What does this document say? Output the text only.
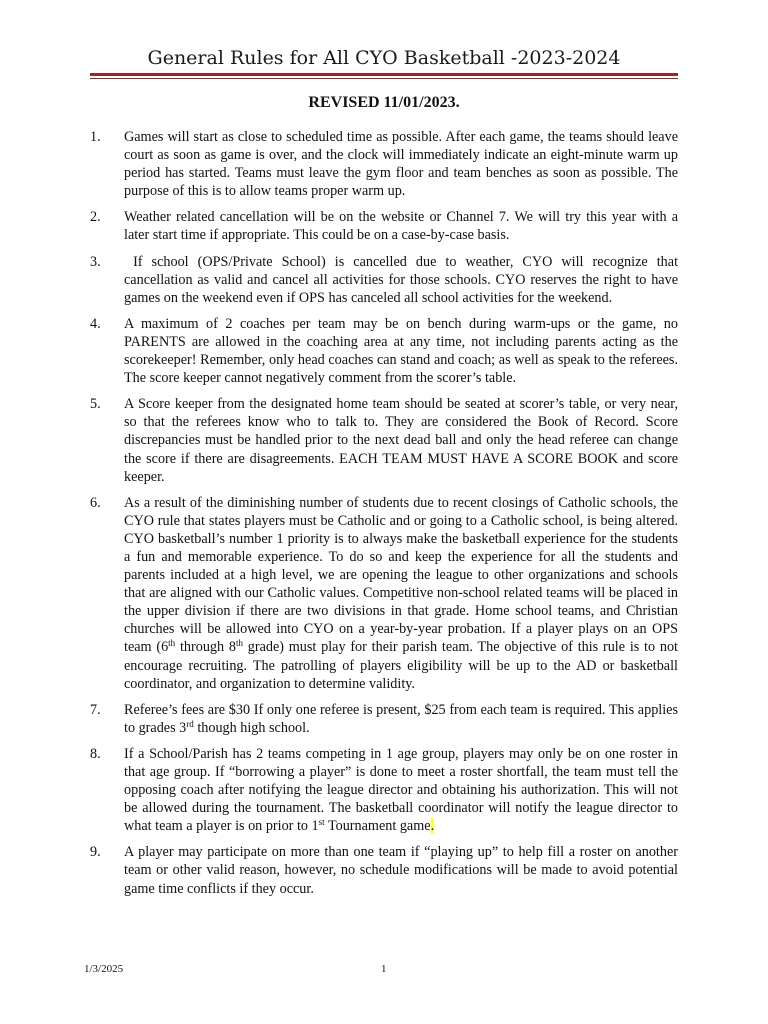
General Rules for All CYO Basketball -2023-2024
REVISED 11/01/2023.
1. Games will start as close to scheduled time as possible. After each game, the teams should leave court as soon as game is over, and the clock will immediately indicate an eight-minute warm up period has started. Teams must leave the gym floor and team benches as soon as possible. The purpose of this is to allow teams proper warm up.
2. Weather related cancellation will be on the website or Channel 7. We will try this year with a later start time if appropriate. This could be on a case-by-case basis.
3. If school (OPS/Private School) is cancelled due to weather, CYO will recognize that cancellation as valid and cancel all activities for those schools. CYO reserves the right to have games on the weekend even if OPS has canceled all school activities for the weekend.
4. A maximum of 2 coaches per team may be on bench during warm-ups or the game, no PARENTS are allowed in the coaching area at any time, not including parents acting as the scorekeeper! Remember, only head coaches can stand and coach; as well as speak to the referees. The score keeper cannot negatively comment from the scorer’s table.
5. A Score keeper from the designated home team should be seated at scorer’s table, or very near, so that the referees know who to talk to. They are considered the Book of Record. Score discrepancies must be handled prior to the next dead ball and only the head referee can change the score if there are disagreements. EACH TEAM MUST HAVE A SCORE BOOK and score keeper.
6. As a result of the diminishing number of students due to recent closings of Catholic schools, the CYO rule that states players must be Catholic and or going to a Catholic school, is being altered. CYO basketball’s number 1 priority is to always make the basketball experience for the students a fun and memorable experience. To do so and keep the experience for all the students and parents included at a high level, we are opening the league to other organizations and schools that are aligned with our Catholic values. Competitive non-school related teams will be placed in the upper division if there are two divisions in that grade. Home school teams, and Christian churches will be allowed into CYO on a year-by-year probation. If a player plays on an OPS team (6th through 8th grade) must play for their parish team. The objective of this rule is to not encourage recruiting. The patrolling of players eligibility will be up to the AD or basketball coordinator, and organization to determine validity.
7. Referee’s fees are $30 If only one referee is present, $25 from each team is required. This applies to grades 3rd though high school.
8. If a School/Parish has 2 teams competing in 1 age group, players may only be on one roster in that age group. If “borrowing a player” is done to meet a roster shortfall, the team must tell the opposing coach after notifying the league director and obtaining his authorization. This will not be allowed during the tournament. The basketball coordinator will notify the league director to what team a player is on prior to 1st Tournament game.
9. A player may participate on more than one team if “playing up” to help fill a roster on another team or other valid reason, however, no schedule modifications will be made to avoid potential game time conflicts if they occur.
1/3/2025	1
